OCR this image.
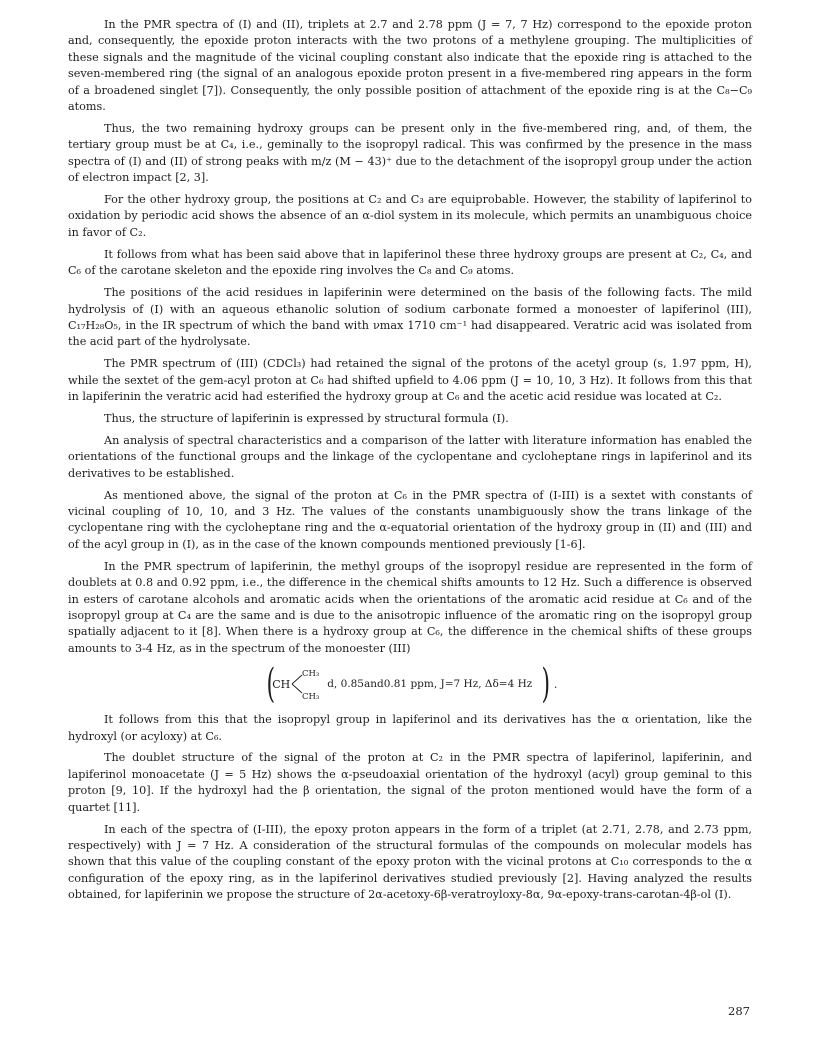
In the PMR spectra of (I) and (II), triplets at 2.7 and 2.78 ppm (J = 7, 7 Hz) correspond to the epoxide proton and, consequently, the epoxide proton interacts with the two protons of a methylene grouping. The multiplicities of these signals and the magnitude of the vicinal coupling constant also indicate that the epoxide ring is attached to the seven-membered ring (the signal of an analogous epoxide proton present in a five-membered ring appears in the form of a broadened singlet [7]). Consequently, the only possible position of attachment of the epoxide ring is at the C₈−C₉ atoms.

Thus, the two remaining hydroxy groups can be present only in the five-membered ring, and, of them, the tertiary group must be at C₄, i.e., geminally to the isopropyl radical. This was confirmed by the presence in the mass spectra of (I) and (II) of strong peaks with m/z (M − 43)⁺ due to the detachment of the isopropyl group under the action of electron impact [2, 3].

For the other hydroxy group, the positions at C₂ and C₃ are equiprobable. However, the stability of lapiferinol to oxidation by periodic acid shows the absence of an α-diol system in its molecule, which permits an unambiguous choice in favor of C₂.

It follows from what has been said above that in lapiferinol these three hydroxy groups are present at C₂, C₄, and C₆ of the carotane skeleton and the epoxide ring involves the C₈ and C₉ atoms.

The positions of the acid residues in lapiferinin were determined on the basis of the following facts. The mild hydrolysis of (I) with an aqueous ethanolic solution of sodium carbonate formed a monoester of lapiferinol (III), C₁₇H₂₈O₅, in the IR spectrum of which the band with νmax 1710 cm⁻¹ had disappeared. Veratric acid was isolated from the acid part of the hydrolysate.

The PMR spectrum of (III) (CDCl₃) had retained the signal of the protons of the acetyl group (s, 1.97 ppm, H), while the sextet of the gem-acyl proton at C₆ had shifted upfield to 4.06 ppm (J = 10, 10, 3 Hz). It follows from this that in lapiferinin the veratric acid had esterified the hydroxy group at C₆ and the acetic acid residue was located at C₂.

Thus, the structure of lapiferinin is expressed by structural formula (I).

An analysis of spectral characteristics and a comparison of the latter with literature information has enabled the orientations of the functional groups and the linkage of the cyclopentane and cycloheptane rings in lapiferinol and its derivatives to be established.

As mentioned above, the signal of the proton at C₆ in the PMR spectra of (I-III) is a sextet with constants of vicinal coupling of 10, 10, and 3 Hz. The values of the constants unambiguously show the trans linkage of the cyclopentane ring with the cycloheptane ring and the α-equatorial orientation of the hydroxy group in (II) and (III) and of the acyl group in (I), as in the case of the known compounds mentioned previously [1-6].

In the PMR spectrum of lapiferinin, the methyl groups of the isopropyl residue are represented in the form of doublets at 0.8 and 0.92 ppm, i.e., the difference in the chemical shifts amounts to 12 Hz. Such a difference is observed in esters of carotane alcohols and aromatic acids when the orientations of the aromatic acid residue at C₆ and of the isopropyl group at C₄ are the same and is due to the anisotropic influence of the aromatic ring on the isopropyl group spatially adjacent to it [8]. When there is a hydroxy group at C₆, the difference in the chemical shifts of these groups amounts to 3-4 Hz, as in the spectrum of the monoester (III)

(
CH
CH₃
CH₃
d, 0.85and0.81 ppm, J=7 Hz, Δδ=4 Hz ) .

It follows from this that the isopropyl group in lapiferinol and its derivatives has the α orientation, like the hydroxyl (or acyloxy) at C₆.

The doublet structure of the signal of the proton at C₂ in the PMR spectra of lapiferinol, lapiferinin, and lapiferinol monoacetate (J = 5 Hz) shows the α-pseudoaxial orientation of the hydroxyl (acyl) group geminal to this proton [9, 10]. If the hydroxyl had the β orientation, the signal of the proton mentioned would have the form of a quartet [11].

In each of the spectra of (I-III), the epoxy proton appears in the form of a triplet (at 2.71, 2.78, and 2.73 ppm, respectively) with J = 7 Hz. A consideration of the structural formulas of the compounds on molecular models has shown that this value of the coupling constant of the epoxy proton with the vicinal protons at C₁₀ corresponds to the α configuration of the epoxy ring, as in the lapiferinol derivatives studied previously [2]. Having analyzed the results obtained, for lapiferinin we propose the structure of 2α-acetoxy-6β-veratroyloxy-8α, 9α-epoxy-trans-carotan-4β-ol (I).

287
